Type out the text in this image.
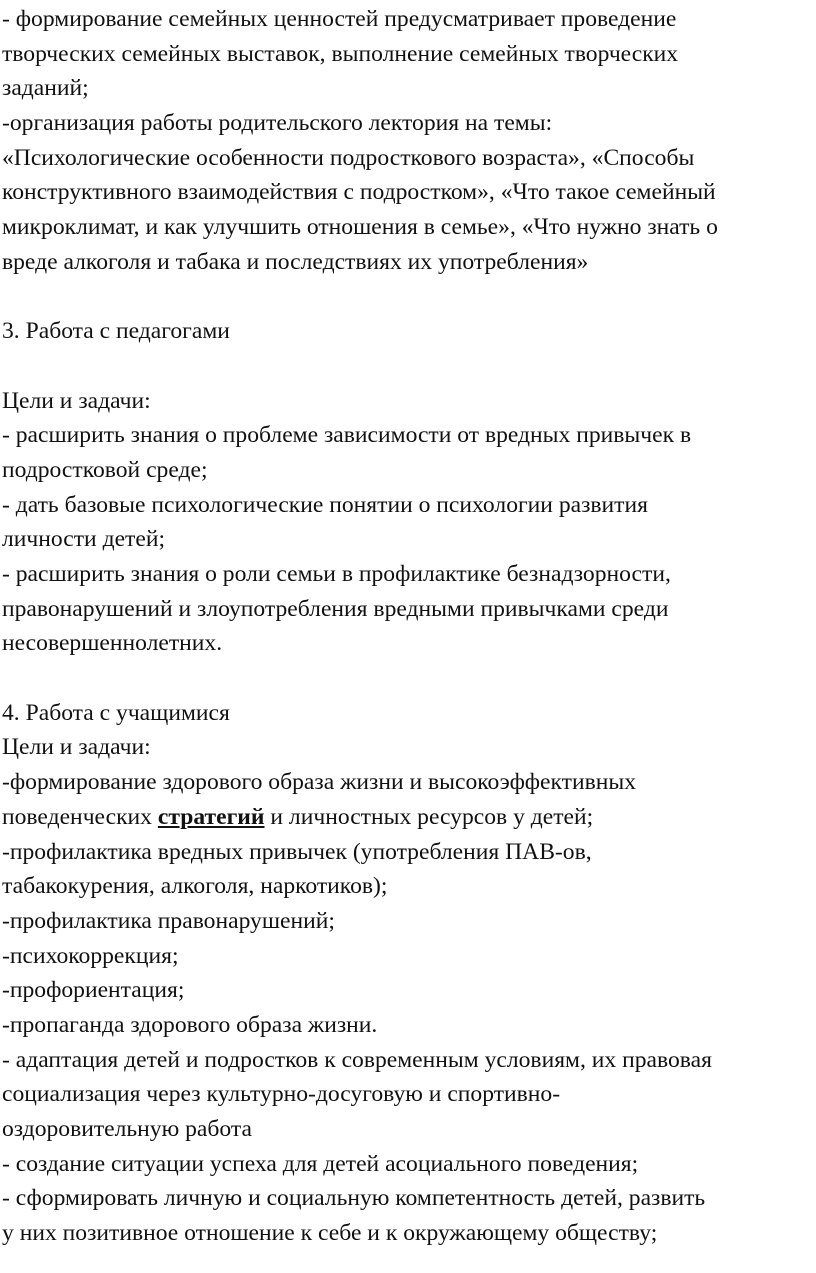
- формирование семейных ценностей предусматривает проведение

творческих семейных выставок, выполнение семейных творческих

заданий;

-организация работы родительского лектория на темы:

«Психологические особенности подросткового возраста», «Способы

конструктивного взаимодействия с подростком», «Что такое семейный

микроклимат, и как улучшить отношения в семье», «Что нужно знать о

вреде алкоголя и табака и последствиях их употребления»

3. Работа с педагогами

Цели и задачи:

- расширить знания о проблеме зависимости от вредных привычек в

подростковой среде;

- дать базовые психологические понятии о психологии развития

личности детей;

- расширить знания о роли семьи в профилактике безнадзорности,

правонарушений и злоупотребления вредными привычками среди

несовершеннолетних.

4. Работа с учащимися

Цели и задачи:

-формирование здорового образа жизни и высокоэффективных

поведенческих стратегий и личностных ресурсов у детей;

-профилактика вредных привычек (употребления ПАВ-ов,

табакокурения, алкоголя, наркотиков);

-профилактика правонарушений;

-психокоррекция;

-профориентация;

-пропаганда здорового образа жизни.

- адаптация детей и подростков к современным условиям, их правовая

социализация через культурно-досуговую и спортивно-

оздоровительную работа

- создание ситуации успеха для детей асоциального поведения;

- сформировать личную и социальную компетентность детей, развить

у них позитивное отношение к себе и к окружающему обществу;
